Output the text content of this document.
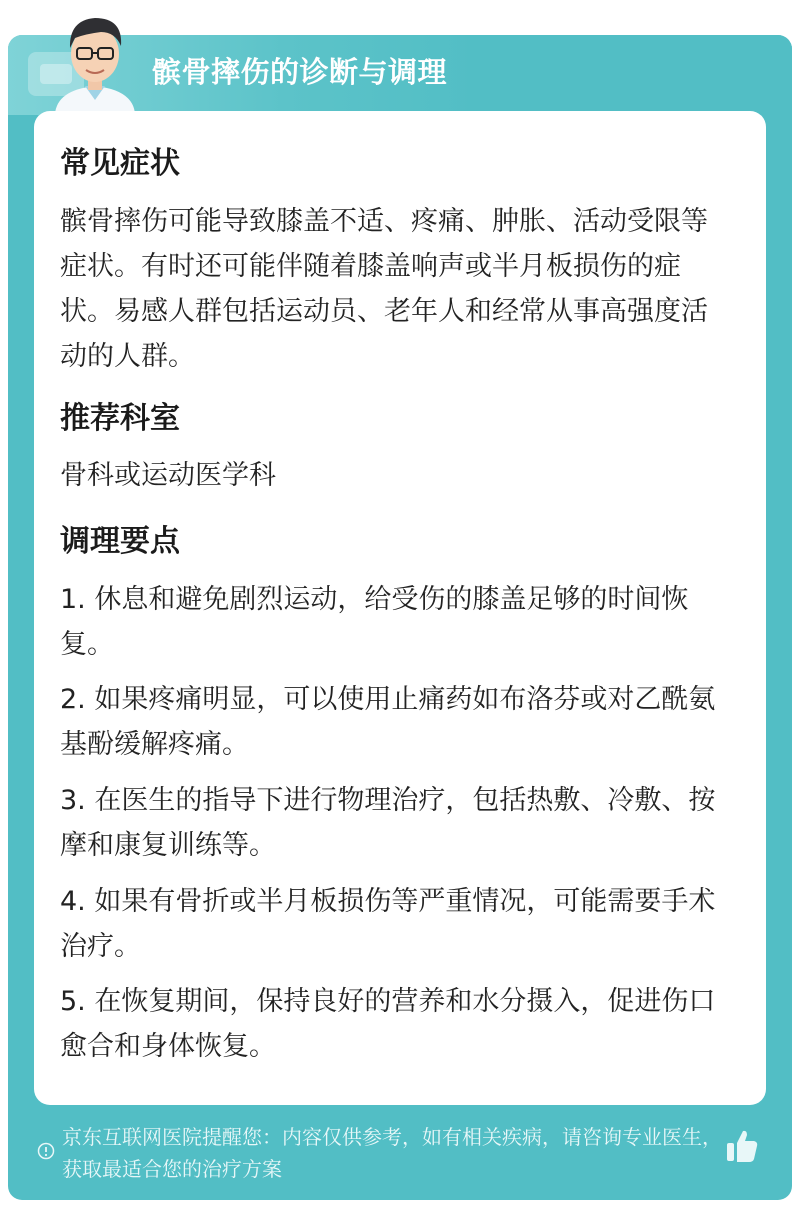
髌骨摔伤的诊断与调理
常见症状
髌骨摔伤可能导致膝盖不适、疼痛、肿胀、活动受限等症状。有时还可能伴随着膝盖响声或半月板损伤的症状。易感人群包括运动员、老年人和经常从事高强度活动的人群。
推荐科室
骨科或运动医学科
调理要点
1. 休息和避免剧烈运动，给受伤的膝盖足够的时间恢复。
2. 如果疼痛明显，可以使用止痛药如布洛芬或对乙酰氨基酚缓解疼痛。
3. 在医生的指导下进行物理治疗，包括热敷、冷敷、按摩和康复训练等。
4. 如果有骨折或半月板损伤等严重情况，可能需要手术治疗。
5. 在恢复期间，保持良好的营养和水分摄入，促进伤口愈合和身体恢复。
京东互联网医院提醒您：内容仅供参考，如有相关疾病，请咨询专业医生，获取最适合您的治疗方案
